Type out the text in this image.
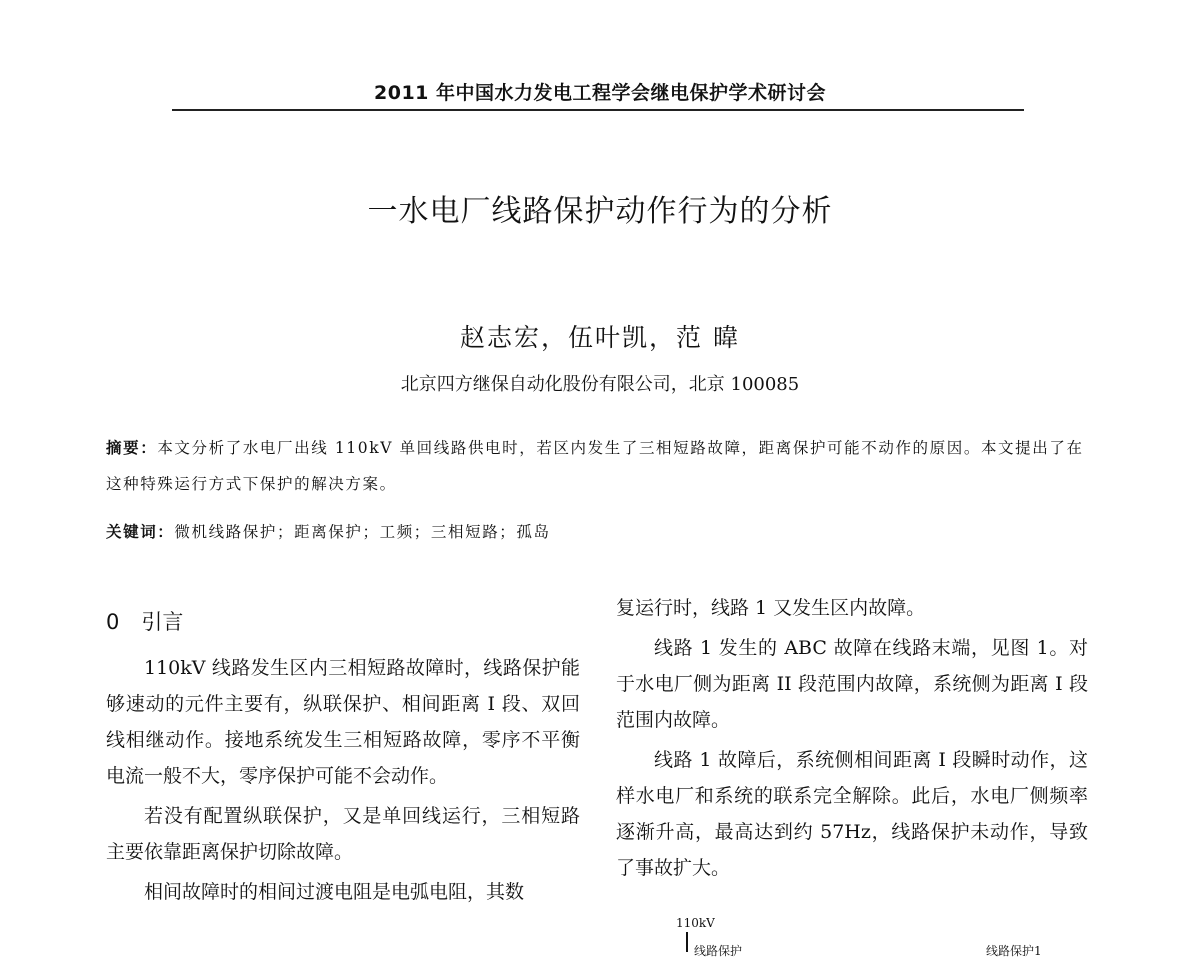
2011 年中国水力发电工程学会继电保护学术研讨会
一水电厂线路保护动作行为的分析
赵志宏，伍叶凯，范 暐
北京四方继保自动化股份有限公司，北京 100085
摘要：本文分析了水电厂出线 110kV 单回线路供电时，若区内发生了三相短路故障，距离保护可能不动作的原因。本文提出了在这种特殊运行方式下保护的解决方案。
关键词：微机线路保护；距离保护；工频；三相短路；孤岛
0 引言

110kV 线路发生区内三相短路故障时，线路保护能够速动的元件主要有，纵联保护、相间距离 I 段、双回线相继动作。接地系统发生三相短路故障，零序不平衡电流一般不大，零序保护可能不会动作。

若没有配置纵联保护，又是单回线运行，三相短路主要依靠距离保护切除故障。

相间故障时的相间过渡电阻是电弧电阻，其数

复运行时，线路 1 又发生区内故障。

线路 1 发生的 ABC 故障在线路末端，见图 1。对于水电厂侧为距离 II 段范围内故障，系统侧为距离 I 段范围内故障。

线路 1 故障后，系统侧相间距离 I 段瞬时动作，这样水电厂和系统的联系完全解除。此后，水电厂侧频率逐渐升高，最高达到约 57Hz，线路保护未动作，导致了事故扩大。

110kV
线路保护	线路保护1
